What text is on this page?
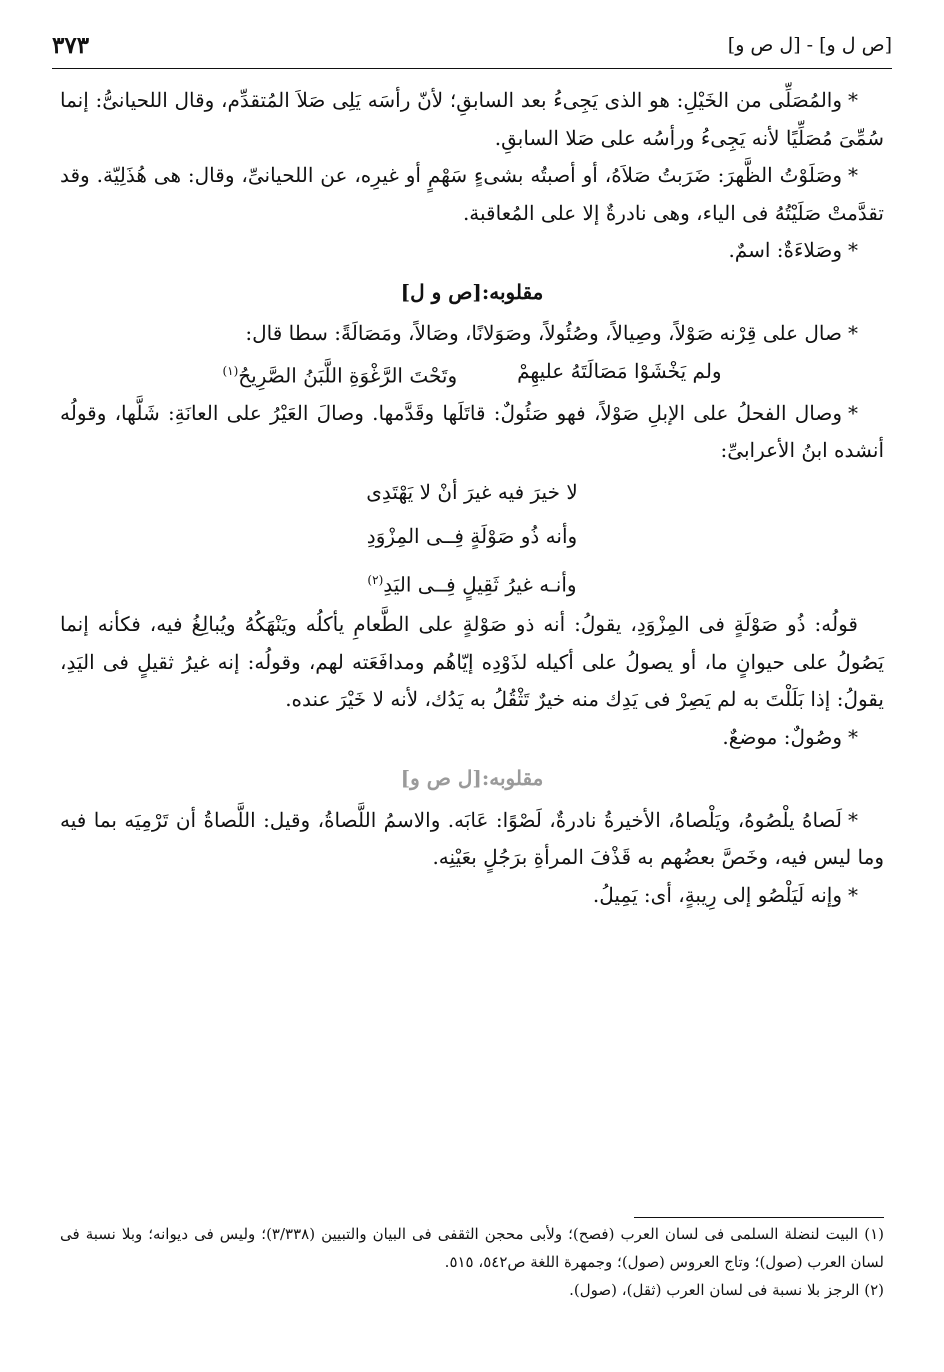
[ص ل و] - [ل ص و]
٣٧٣

*والمُصَلِّى من الخَيْلِ: هو الذى يَجِىءُ بعد السابقِ؛ لأنّ رأسَه يَلِى صَلاَ المُتقدِّم، وقال اللحيانىُّ: إنما سُمِّىَ مُصَلِّيًا لأنه يَجِىءُ ورأسُه على صَلا السابقِ.

*وصَلَوْتُ الظَّهرَ: ضَرَبتُ صَلاَهُ، أو أصبتُه بشىءٍ سَهْمٍ أو غيرِه، عن اللحيانىِّ، وقال: هى هُذَلِيّة. وقد تقدَّمتْ صَلَيْتُهُ فى الياء، وهى نادرةٌ إلا على المُعاقبة.

*وصَلاءَةٌ: اسمٌ.

مقلوبه:[ص و ل]

*صال على قِرْنه صَوْلاً، وصِيالاً، وصُئُولاً، وصَوَلانًا، وصَالاً، ومَصَالَةً: سطا قال:

ولم يَخْشَوْا مَصَالَتَهُ عليهِمْ
وتَحْتَ الرَّغْوَةِ اللَّبَنُ الصَّرِيحُ$^{(١)}$

*وصال الفحلُ على الإبلِ صَوْلاً، فهو صَئُولٌ: قاتَلَها وقَدَّمها. وصالَ العَيْرُ على العانَةِ: شَلَّها، وقولُه أنشده ابنُ الأعرابىِّ:

لا خيرَ فيه غيرَ أنْ لا يَهْتَدِى
وأنه ذُو صَوْلَةٍ فِــى المِزْوَدِ
وأنـه غيرُ ثَقِيلٍ فِــى اليَدِ$^{(٢)}$

قولُه: ذُو صَوْلَةٍ فى المِزْوَدِ، يقولُ: أنه ذو صَوْلةٍ على الطَّعامِ يأكلُه ويَنْهَكُهُ ويُبالِغُ فيه، فكأنه إنما يَصُولُ على حيوانٍ ما، أو يصولُ على أكيله لذَوْدِه إيّاهُم ومدافَعَته لهم، وقولُه: إنه غيرُ ثقيلٍ فى اليَدِ، يقولُ: إذا بَلَلْتَ به لم يَصِرْ فى يَدِك منه خيرٌ تَثْقُلُ به يَدُك، لأنه لا خَيْرَ عنده.

*وصُولٌ: موضعٌ.

مقلوبه:[ل ص و]

*لَصاهُ يلْصُوهُ، ويَلْصاهُ، الأخيرةُ نادرةٌ، لَصْوًا: عَابَه. والاسمُ اللَّصاةُ، وقيل: اللَّصاةُ أن تَرْمِيَه بما فيه وما ليس فيه، وخَصَّ بعضُهم به قَذْفَ المرأةِ برَجُلٍ بعَيْنِه.

*وإنه لَيَلْصُو إلى رِيبةٍ، أى: يَمِيلُ.

(١) البيت لنضلة السلمى فى لسان العرب (فصح)؛ ولأبى محجن الثقفى فى البيان والتبيين (٣/٣٣٨)؛ وليس فى ديوانه؛ وبلا نسبة فى لسان العرب (صول)؛ وتاج العروس (صول)؛ وجمهرة اللغة ص٥٤٢، ٥١٥.

(٢) الرجز بلا نسبة فى لسان العرب (ثقل)، (صول).
